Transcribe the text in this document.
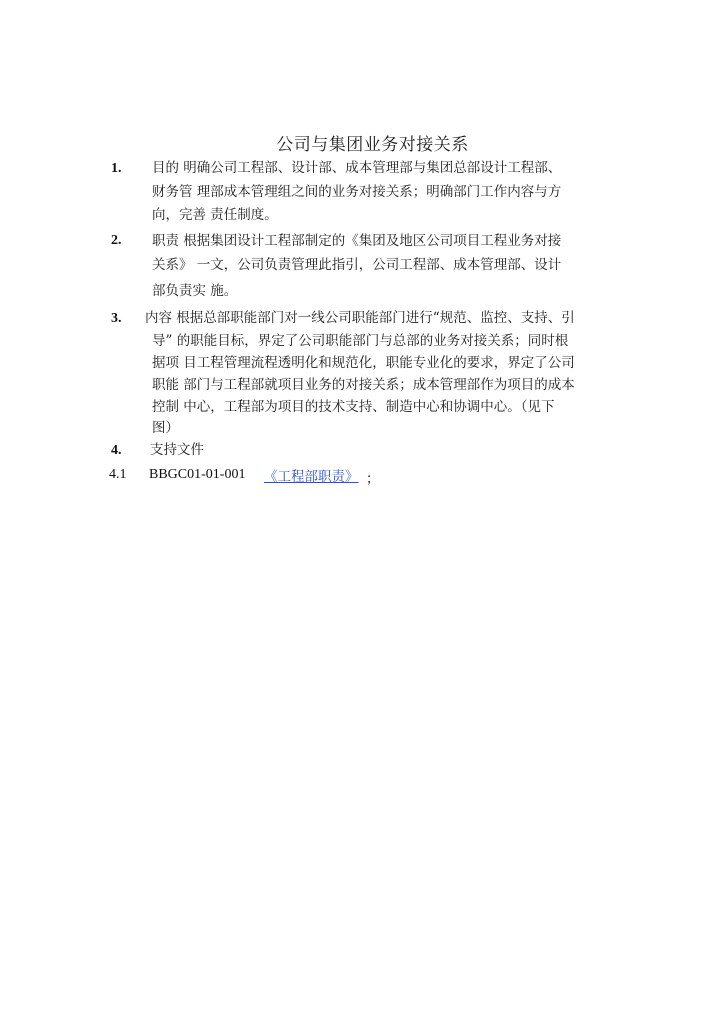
公司与集团业务对接关系
1. 目的 明确公司工程部、设计部、成本管理部与集团总部设计工程部、
财务管 理部成本管理组之间的业务对接关系；明确部门工作内容与方
向，完善 责任制度。
2. 职责 根据集团设计工程部制定的《集团及地区公司项目工程业务对接
关系》 一文，公司负责管理此指引，公司工程部、成本管理部、设计
部负责实 施。
3. 内容 根据总部职能部门对一线公司职能部门进行“规范、监控、支持、引
导” 的职能目标，界定了公司职能部门与总部的业务对接关系；同时根
据项 目工程管理流程透明化和规范化，职能专业化的要求，界定了公司
职能 部门与工程部就项目业务的对接关系；成本管理部作为项目的成本
控制 中心，工程部为项目的技术支持、制造中心和协调中心。（见下
图）
4. 支持文件
4.1 BBGC01-01-001 《工程部职责》 ；
